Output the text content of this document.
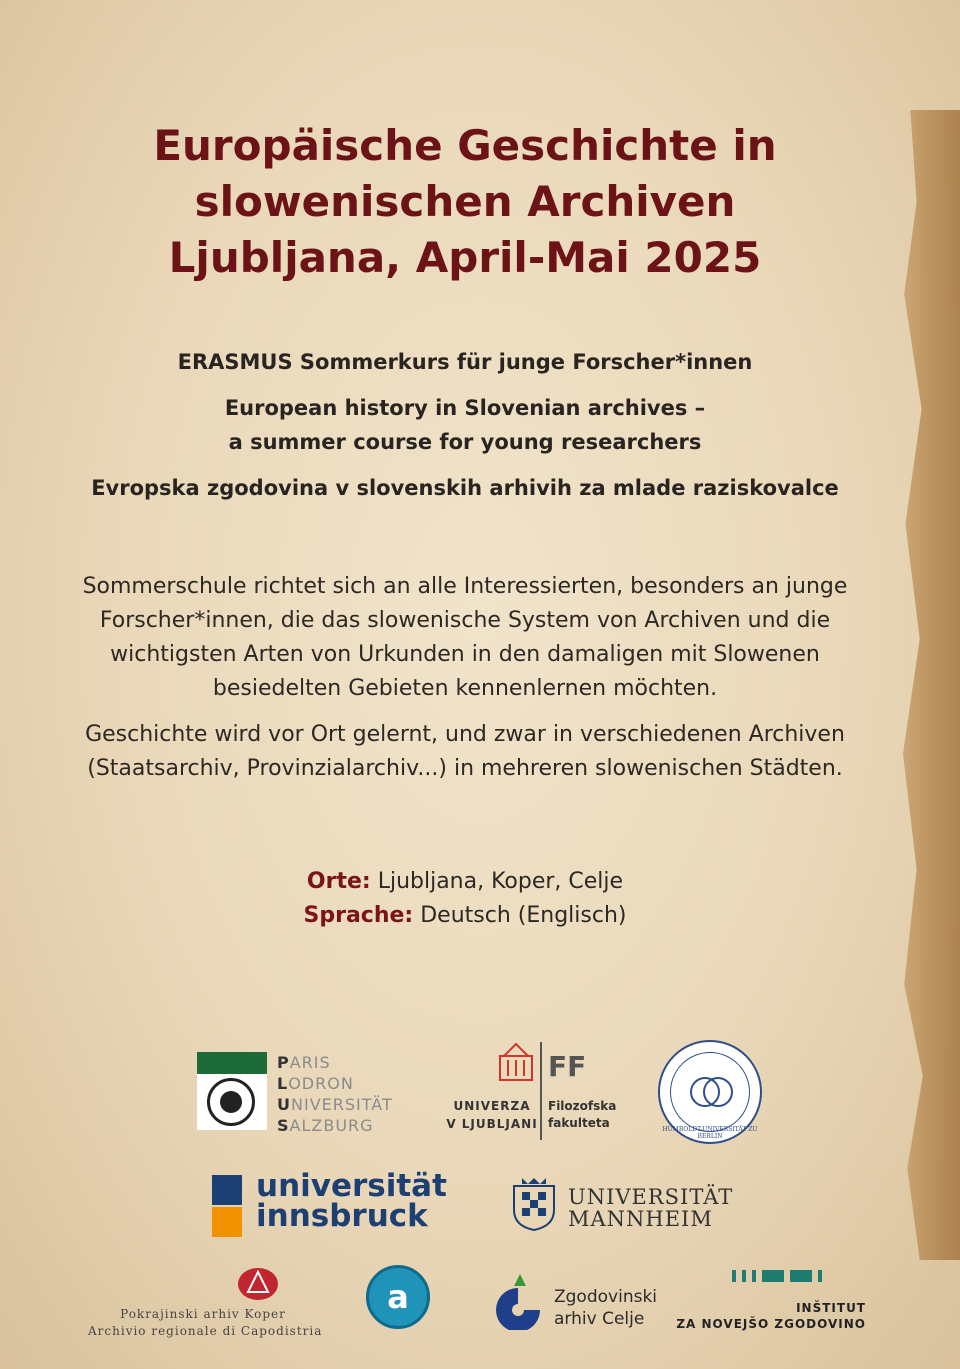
Europäische Geschichte in
slowenischen Archiven
Ljubljana, April-Mai 2025
ERASMUS Sommerkurs für junge Forscher*innen
European history in Slovenian archives –
a summer course for young researchers
Evropska zgodovina v slovenskih arhivih za mlade raziskovalce

Sommerschule richtet sich an alle Interessierten, besonders an junge Forscher*innen, die das slowenische System von Archiven und die wichtigsten Arten von Urkunden in den damaligen mit Slowenen besiedelten Gebieten kennenlernen möchten.

Geschichte wird vor Ort gelernt, und zwar in verschiedenen Archiven (Staatsarchiv, Provinzialarchiv...) in mehreren slowenischen Städten.

Orte: Ljubljana, Koper, Celje
Sprache: Deutsch (Englisch)
PARIS
LODRON
UNIVERSITÄT
SALZBURG
UNIVERZA
V LJUBLJANI
FF
Filozofska
fakulteta	HUMBOLDT-UNIVERSITÄT ZU BERLIN
universität
innsbruck
UNIVERSITÄT
MANNHEIM
Pokrajinski arhiv Koper
Archivio regionale di Capodistria
a	Zgodovinski
arhiv Celje
INŠTITUT
ZA NOVEJŠO ZGODOVINO
